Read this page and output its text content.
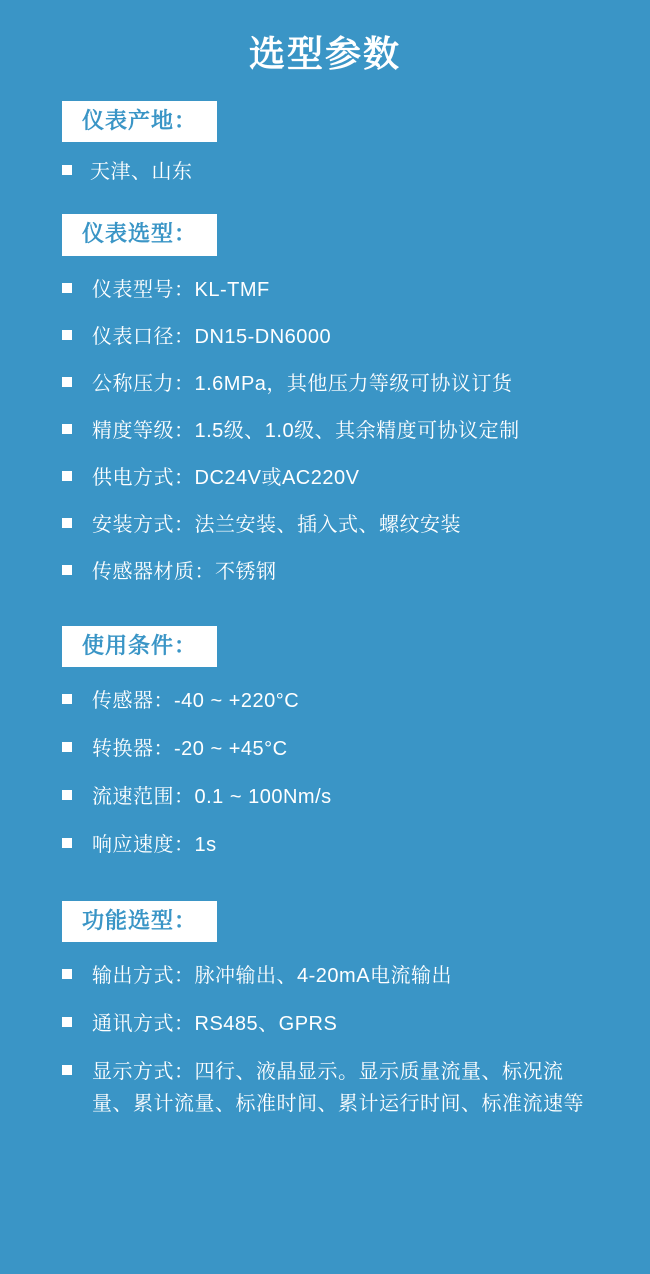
选型参数
仪表产地：
天津、山东
仪表选型：
仪表型号：KL-TMF
仪表口径：DN15-DN6000
公称压力：1.6MPa，其他压力等级可协议订货
精度等级：1.5级、1.0级、其余精度可协议定制
供电方式：DC24V或AC220V
安装方式：法兰安装、插入式、螺纹安装
传感器材质：不锈钢
使用条件：
传感器：-40 ~ +220°C
转换器：-20 ~ +45°C
流速范围：0.1 ~ 100Nm/s
响应速度：1s
功能选型：
输出方式：脉冲输出、4-20mA电流输出
通讯方式：RS485、GPRS
显示方式：四行、液晶显示。显示质量流量、标况流量、累计流量、标准时间、累计运行时间、标准流速等
